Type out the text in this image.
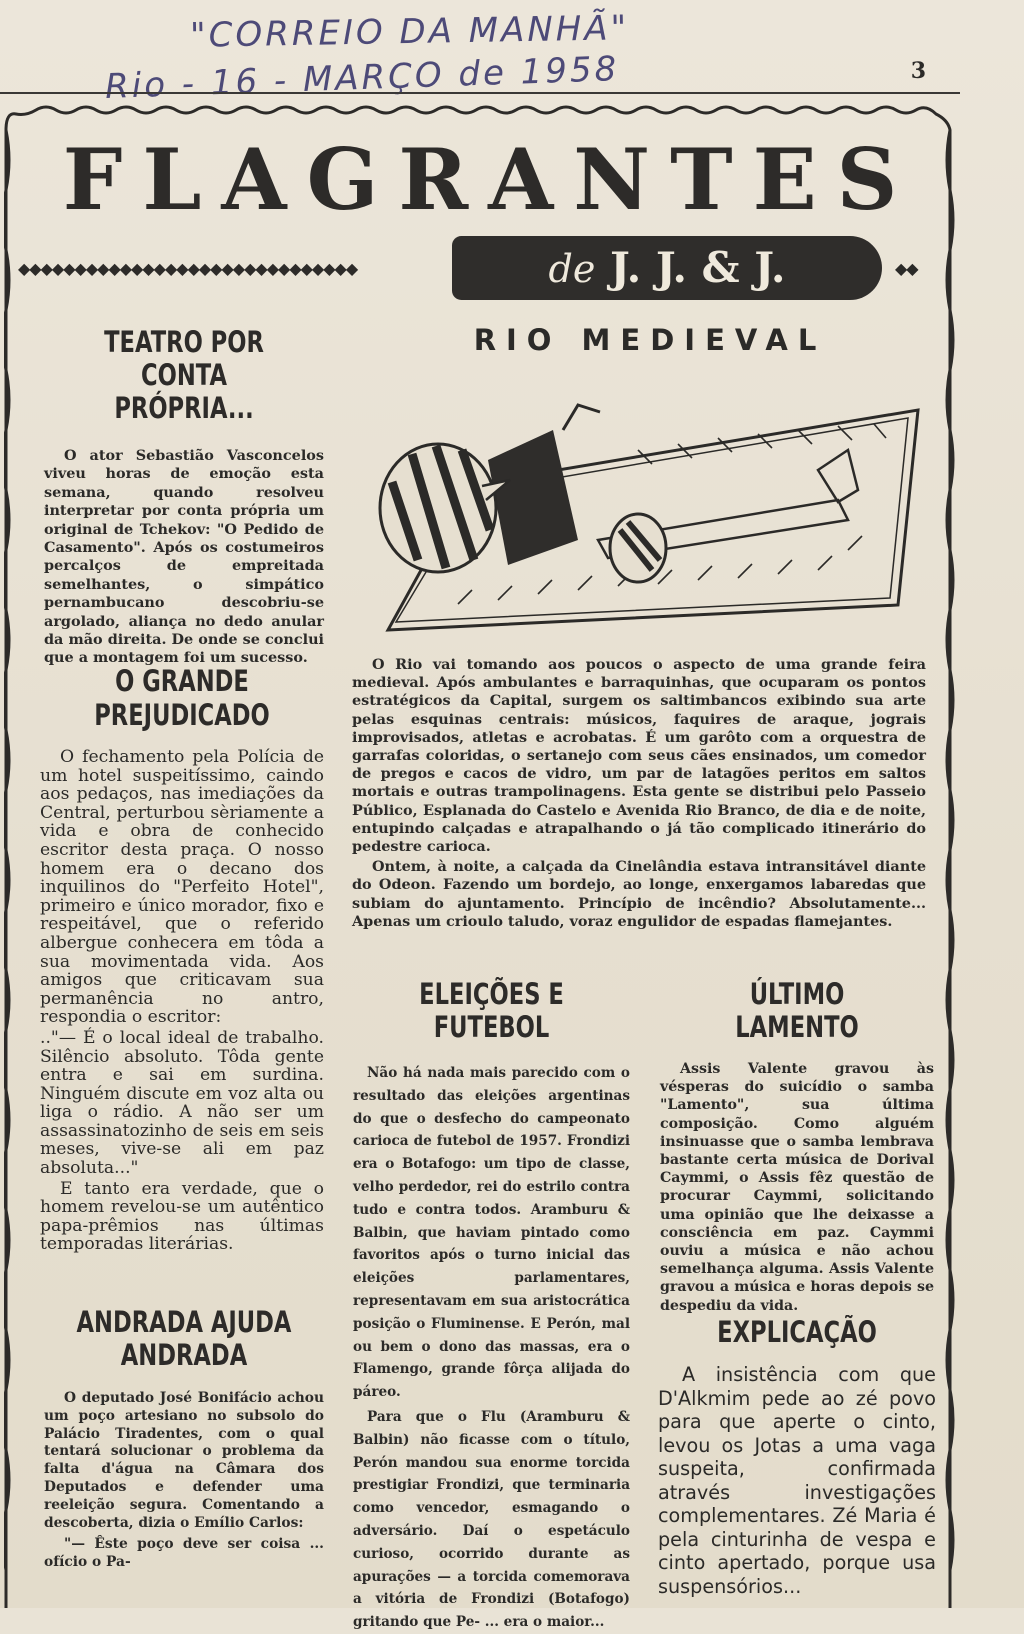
"CORREIO DA MANHÃ"
Rio - 16 - MARÇO de 1958	3
FLAGRANTES
◆◆◆◆◆◆◆◆◆◆◆◆◆◆◆◆◆◆◆◆◆◆◆◆◆◆◆◆◆◆	de J. J. & J.	◆◆
TEATRO POR CONTA PRÓPRIA...

O ator Sebastião Vasconcelos viveu horas de emoção esta semana, quando resolveu interpretar por conta própria um original de Tchekov: "O Pedido de Casamento". Após os costumeiros percalços de empreitada semelhantes, o simpático pernambucano descobriu-se argolado, aliança no dedo anular da mão direita. De onde se conclui que a montagem foi um sucesso.

O GRANDE PREJUDICADO

O fechamento pela Polícia de um hotel suspeitíssimo, caindo aos pedaços, nas imediações da Central, perturbou sèriamente a vida e obra de conhecido escritor desta praça. O nosso homem era o decano dos inquilinos do "Perfeito Hotel", primeiro e único morador, fixo e respeitável, que o referido albergue conhecera em tôda a sua movimentada vida. Aos amigos que criticavam sua permanência no antro, respondia o escritor:

.."— É o local ideal de trabalho. Silêncio absoluto. Tôda gente entra e sai em surdina. Ninguém discute em voz alta ou liga o rádio. A não ser um assassinatozinho de seis em seis meses, vive-se ali em paz absoluta..."

E tanto era verdade, que o homem revelou-se um autêntico papa-prêmios nas últimas temporadas literárias.

ANDRADA AJUDA ANDRADA

O deputado José Bonifácio achou um poço artesiano no subsolo do Palácio Tiradentes, com o qual tentará solucionar o problema da falta d'água na Câmara dos Deputados e defender uma reeleição segura. Comentando a descoberta, dizia o Emílio Carlos:

"— Êste poço deve ser coisa ... ofício o Pa-

RIO MEDIEVAL

O Rio vai tomando aos poucos o aspecto de uma grande feira medieval. Após ambulantes e barraquinhas, que ocuparam os pontos estratégicos da Capital, surgem os saltimbancos exibindo sua arte pelas esquinas centrais: músicos, faquires de araque, jograis improvisados, atletas e acrobatas. É um garôto com a orquestra de garrafas coloridas, o sertanejo com seus cães ensinados, um comedor de pregos e cacos de vidro, um par de latagões peritos em saltos mortais e outras trampolinagens. Esta gente se distribui pelo Passeio Público, Esplanada do Castelo e Avenida Rio Branco, de dia e de noite, entupindo calçadas e atrapalhando o já tão complicado itinerário do pedestre carioca.

Ontem, à noite, a calçada da Cinelândia estava intransitável diante do Odeon. Fazendo um bordejo, ao longe, enxergamos labaredas que subiam do ajuntamento. Princípio de incêndio? Absolutamente... Apenas um crioulo taludo, voraz engulidor de espadas flamejantes.

ELEIÇÕES E FUTEBOL

Não há nada mais parecido com o resultado das eleições argentinas do que o desfecho do campeonato carioca de futebol de 1957. Frondizi era o Botafogo: um tipo de classe, velho perdedor, rei do estrilo contra tudo e contra todos. Aramburu & Balbin, que haviam pintado como favoritos após o turno inicial das eleições parlamentares, representavam em sua aristocrática posição o Fluminense. E Perón, mal ou bem o dono das massas, era o Flamengo, grande fôrça alijada do páreo.

Para que o Flu (Aramburu & Balbin) não ficasse com o título, Perón mandou sua enorme torcida prestigiar Frondizi, que terminaria como vencedor, esmagando o adversário. Daí o espetáculo curioso, ocorrido durante as apurações — a torcida comemorava a vitória de Frondizi (Botafogo) gritando que Pe- ... era o maior...

ÚLTIMO LAMENTO

Assis Valente gravou às vésperas do suicídio o samba "Lamento", sua última composição. Como alguém insinuasse que o samba lembrava bastante certa música de Dorival Caymmi, o Assis fêz questão de procurar Caymmi, solicitando uma opinião que lhe deixasse a consciência em paz. Caymmi ouviu a música e não achou semelhança alguma. Assis Valente gravou a música e horas depois se despediu da vida.

EXPLICAÇÃO

A insistência com que D'Alkmim pede ao zé povo para que aperte o cinto, levou os Jotas a uma vaga suspeita, confirmada através investigações complementares. Zé Maria é pela cinturinha de vespa e cinto apertado, porque usa suspensórios...
